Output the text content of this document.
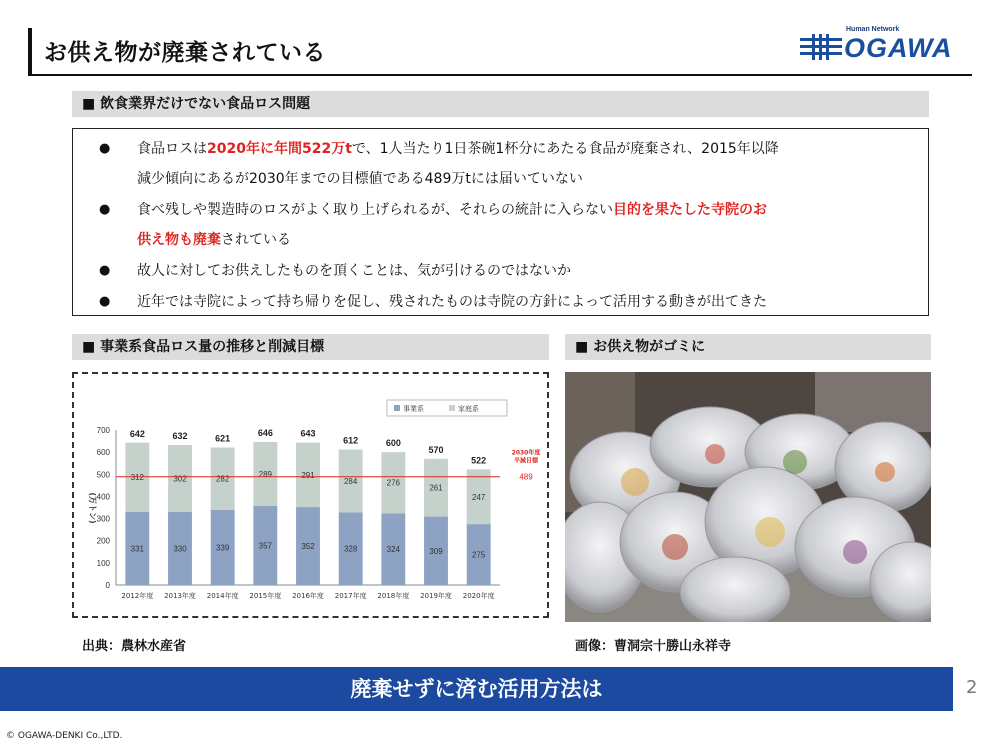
お供え物が廃棄されている
Human Network
OGAWA
■ 飲食業界だけでない食品ロス問題
● 食品ロスは2020年に年間522万tで、1人当たり1日茶碗1杯分にあたる食品が廃棄され、2015年以降
減少傾向にあるが2030年までの目標値である489万tには届いていない
● 食べ残しや製造時のロスがよく取り上げられるが、それらの統計に入らない目的を果たした寺院のお
供え物も廃棄されている
● 故人に対してお供えしたものを頂くことは、気が引けるのではないか
● 近年では寺院によって持ち帰りを促し、残されたものは寺院の方針によって活用する動きが出てきた
■ 事業系食品ロス量の推移と削減目標	■ お供え物がゴミに
0
100
200
300
400
500
600
700
(万トン)
331
312
642
2012年度
330
302
632
2013年度
339
282
621
2014年度
357
289
646
2015年度
352
291
643
2016年度
328
284
612
2017年度
324
276
600
2018年度
309
261
570
2019年度
275
247
522
2020年度
2030年度
半減目標
489
事業系	家庭系
出典：農林水産省	画像：曹洞宗十勝山永祥寺
廃棄せずに済む活用方法は	2
© OGAWA-DENKI Co.,LTD.
